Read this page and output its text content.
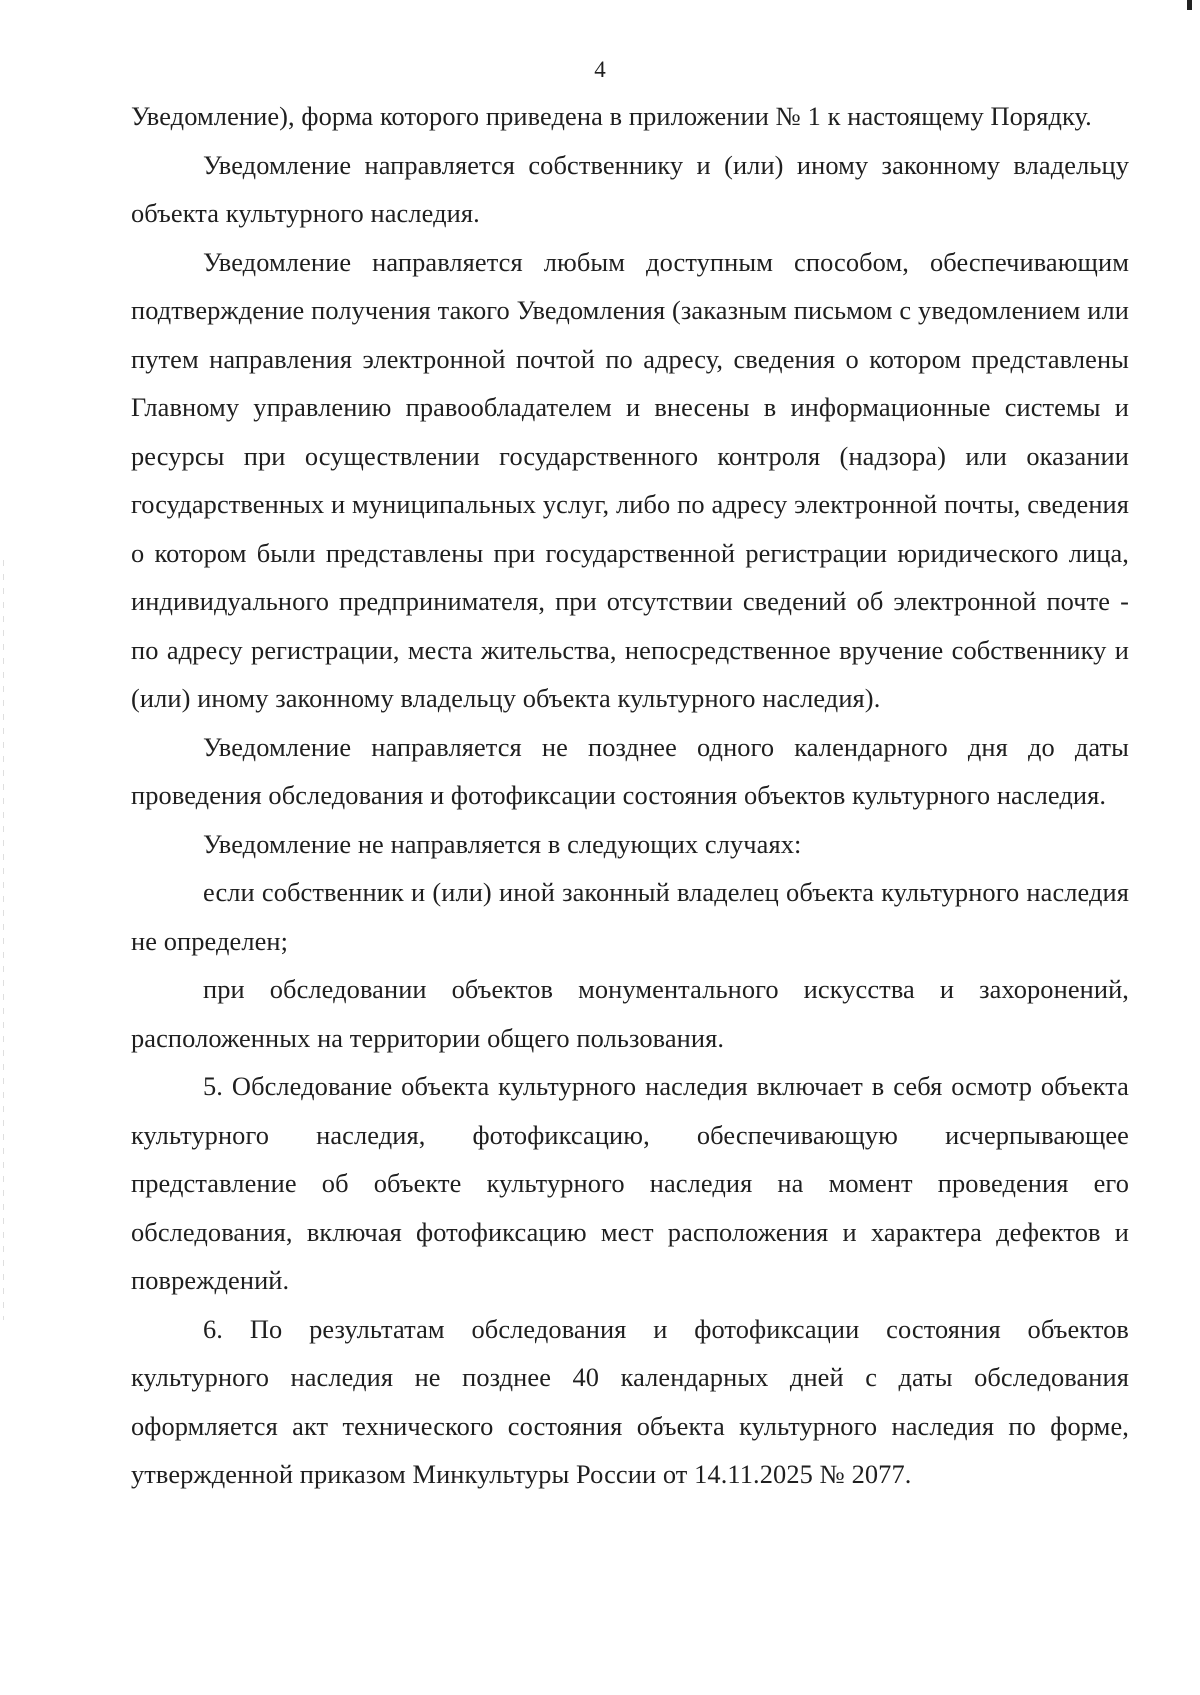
4

Уведомление), форма которого приведена в приложении № 1 к настоящему Порядку.

Уведомление направляется собственнику и (или) иному законному владельцу объекта культурного наследия.

Уведомление направляется любым доступным способом, обеспечивающим подтверждение получения такого Уведомления (заказным письмом с уведомлением или путем направления электронной почтой по адресу, сведения о котором представлены Главному управлению правообладателем и внесены в информационные системы и ресурсы при осуществлении государственного контроля (надзора) или оказании государственных и муниципальных услуг, либо по адресу электронной почты, сведения о котором были представлены при государственной регистрации юридического лица, индивидуального предпринимателя, при отсутствии сведений об электронной почте - по адресу регистрации, места жительства, непосредственное вручение собственнику и (или) иному законному владельцу объекта культурного наследия).

Уведомление направляется не позднее одного календарного дня до даты проведения обследования и фотофиксации состояния объектов культурного наследия.

Уведомление не направляется в следующих случаях:

если собственник и (или) иной законный владелец объекта культурного наследия не определен;

при обследовании объектов монументального искусства и захоронений, расположенных на территории общего пользования.

5. Обследование объекта культурного наследия включает в себя осмотр объекта культурного наследия, фотофиксацию, обеспечивающую исчерпывающее представление об объекте культурного наследия на момент проведения его обследования, включая фотофиксацию мест расположения и характера дефектов и повреждений.

6. По результатам обследования и фотофиксации состояния объектов культурного наследия не позднее 40 календарных дней с даты обследования оформляется акт технического состояния объекта культурного наследия по форме, утвержденной приказом Минкультуры России от 14.11.2025 № 2077.
